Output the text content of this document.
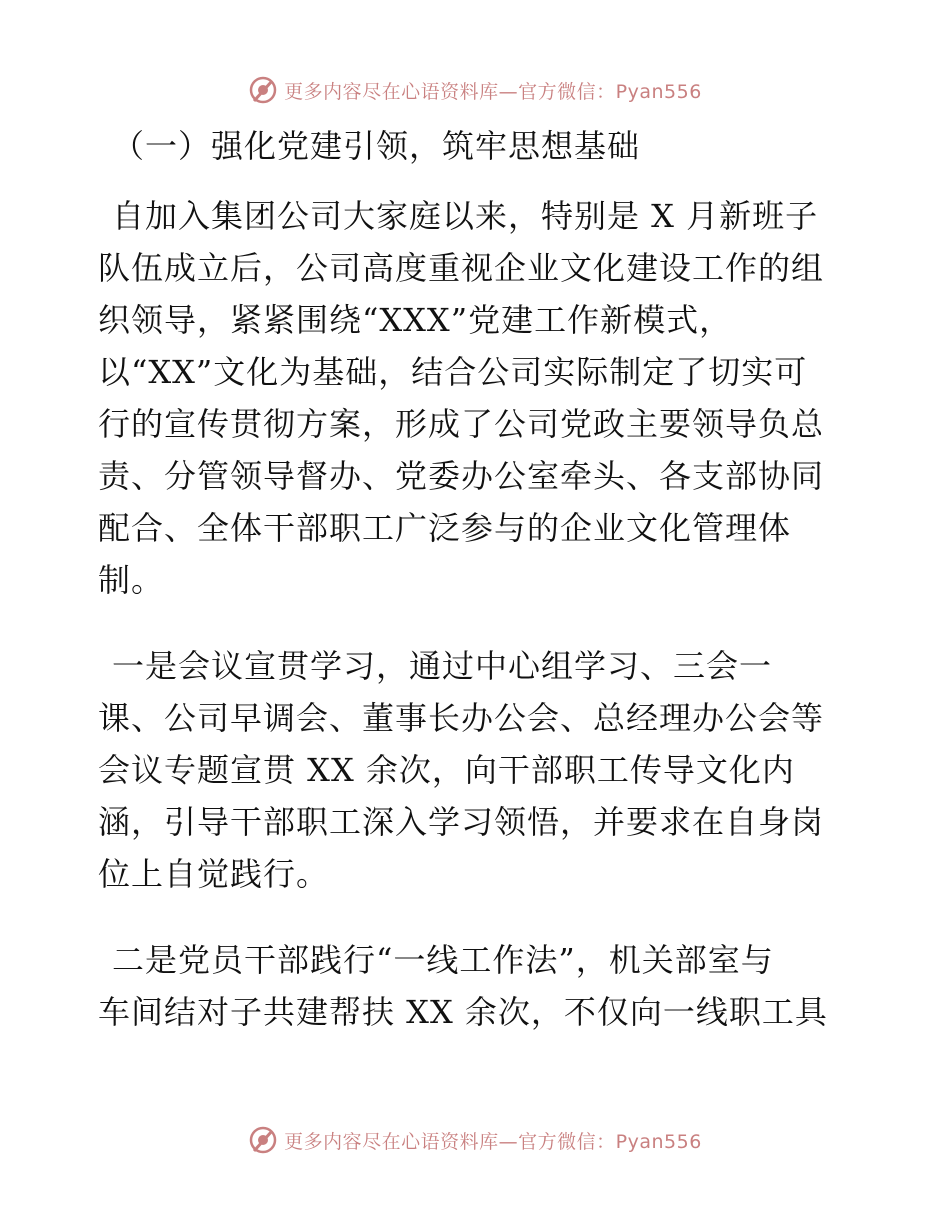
更多内容尽在心语资料库—官方微信：Pyan556
（一）强化党建引领，筑牢思想基础

自加入集团公司大家庭以来，特别是 X 月新班子
队伍成立后，公司高度重视企业文化建设工作的组
织领导，紧紧围绕“XXX”党建工作新模式，
以“XX”文化为基础，结合公司实际制定了切实可
行的宣传贯彻方案，形成了公司党政主要领导负总
责、分管领导督办、党委办公室牵头、各支部协同
配合、全体干部职工广泛参与的企业文化管理体
制。

一是会议宣贯学习，通过中心组学习、三会一
课、公司早调会、董事长办公会、总经理办公会等
会议专题宣贯 XX 余次，向干部职工传导文化内
涵，引导干部职工深入学习领悟，并要求在自身岗
位上自觉践行。

二是党员干部践行“一线工作法”，机关部室与
车间结对子共建帮扶 XX 余次，不仅向一线职工具

更多内容尽在心语资料库—官方微信：Pyan556
